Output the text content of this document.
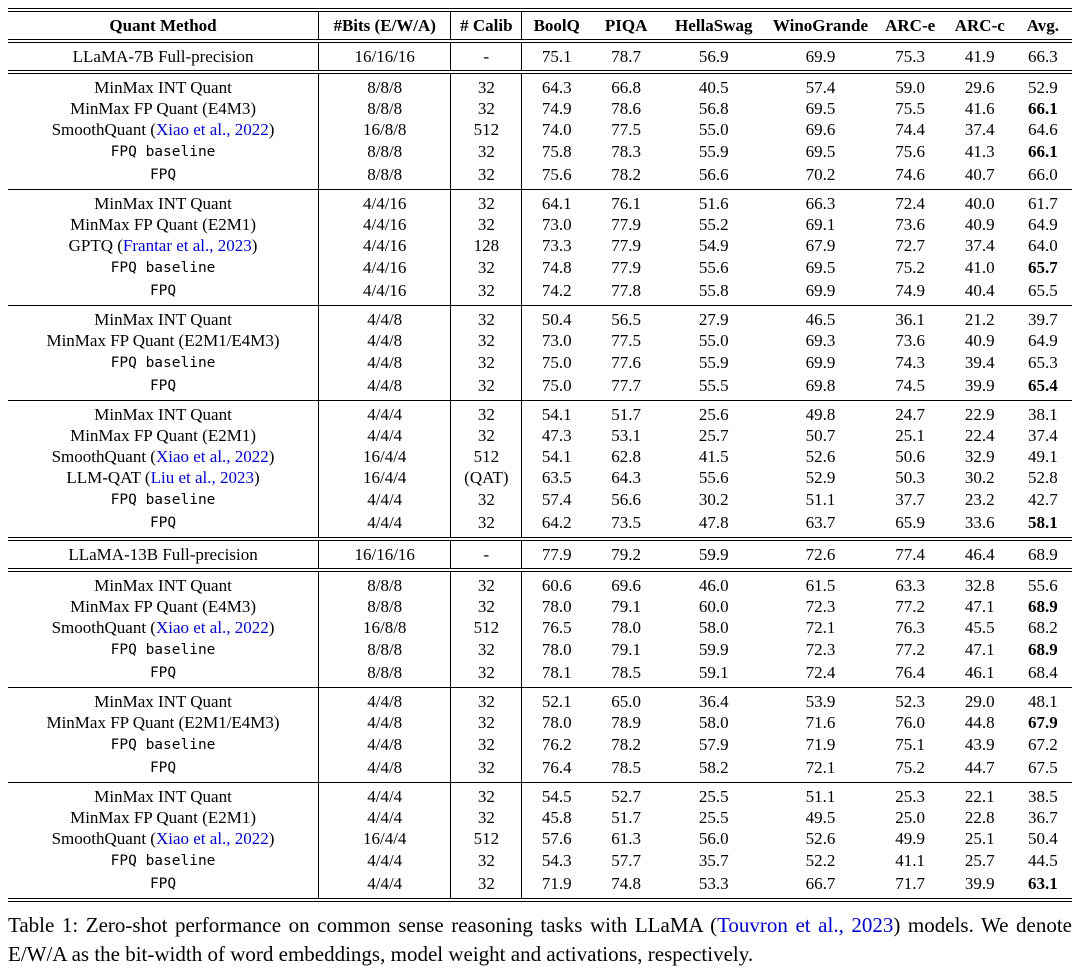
Quant Method	#Bits (E/W/A)	# Calib	BoolQ	PIQA	HellaSwag	WinoGrande	ARC-e	ARC-c	Avg.
LLaMA-7B Full-precision	16/16/16	-	75.1	78.7	56.9	69.9	75.3	41.9	66.3
MinMax INT Quant	8/8/8	32	64.3	66.8	40.5	57.4	59.0	29.6	52.9
MinMax FP Quant (E4M3)	8/8/8	32	74.9	78.6	56.8	69.5	75.5	41.6	66.1
SmoothQuant (Xiao et al., 2022)	16/8/8	512	74.0	77.5	55.0	69.6	74.4	37.4	64.6
FPQ baseline	8/8/8	32	75.8	78.3	55.9	69.5	75.6	41.3	66.1
FPQ	8/8/8	32	75.6	78.2	56.6	70.2	74.6	40.7	66.0
MinMax INT Quant	4/4/16	32	64.1	76.1	51.6	66.3	72.4	40.0	61.7
MinMax FP Quant (E2M1)	4/4/16	32	73.0	77.9	55.2	69.1	73.6	40.9	64.9
GPTQ (Frantar et al., 2023)	4/4/16	128	73.3	77.9	54.9	67.9	72.7	37.4	64.0
FPQ baseline	4/4/16	32	74.8	77.9	55.6	69.5	75.2	41.0	65.7
FPQ	4/4/16	32	74.2	77.8	55.8	69.9	74.9	40.4	65.5
MinMax INT Quant	4/4/8	32	50.4	56.5	27.9	46.5	36.1	21.2	39.7
MinMax FP Quant (E2M1/E4M3)	4/4/8	32	73.0	77.5	55.0	69.3	73.6	40.9	64.9
FPQ baseline	4/4/8	32	75.0	77.6	55.9	69.9	74.3	39.4	65.3
FPQ	4/4/8	32	75.0	77.7	55.5	69.8	74.5	39.9	65.4
MinMax INT Quant	4/4/4	32	54.1	51.7	25.6	49.8	24.7	22.9	38.1
MinMax FP Quant (E2M1)	4/4/4	32	47.3	53.1	25.7	50.7	25.1	22.4	37.4
SmoothQuant (Xiao et al., 2022)	16/4/4	512	54.1	62.8	41.5	52.6	50.6	32.9	49.1
LLM-QAT (Liu et al., 2023)	16/4/4	(QAT)	63.5	64.3	55.6	52.9	50.3	30.2	52.8
FPQ baseline	4/4/4	32	57.4	56.6	30.2	51.1	37.7	23.2	42.7
FPQ	4/4/4	32	64.2	73.5	47.8	63.7	65.9	33.6	58.1
LLaMA-13B Full-precision	16/16/16	-	77.9	79.2	59.9	72.6	77.4	46.4	68.9
MinMax INT Quant	8/8/8	32	60.6	69.6	46.0	61.5	63.3	32.8	55.6
MinMax FP Quant (E4M3)	8/8/8	32	78.0	79.1	60.0	72.3	77.2	47.1	68.9
SmoothQuant (Xiao et al., 2022)	16/8/8	512	76.5	78.0	58.0	72.1	76.3	45.5	68.2
FPQ baseline	8/8/8	32	78.0	79.1	59.9	72.3	77.2	47.1	68.9
FPQ	8/8/8	32	78.1	78.5	59.1	72.4	76.4	46.1	68.4
MinMax INT Quant	4/4/8	32	52.1	65.0	36.4	53.9	52.3	29.0	48.1
MinMax FP Quant (E2M1/E4M3)	4/4/8	32	78.0	78.9	58.0	71.6	76.0	44.8	67.9
FPQ baseline	4/4/8	32	76.2	78.2	57.9	71.9	75.1	43.9	67.2
FPQ	4/4/8	32	76.4	78.5	58.2	72.1	75.2	44.7	67.5
MinMax INT Quant	4/4/4	32	54.5	52.7	25.5	51.1	25.3	22.1	38.5
MinMax FP Quant (E2M1)	4/4/4	32	45.8	51.7	25.5	49.5	25.0	22.8	36.7
SmoothQuant (Xiao et al., 2022)	16/4/4	512	57.6	61.3	56.0	52.6	49.9	25.1	50.4
FPQ baseline	4/4/4	32	54.3	57.7	35.7	52.2	41.1	25.7	44.5
FPQ	4/4/4	32	71.9	74.8	53.3	66.7	71.7	39.9	63.1

Table 1: Zero-shot performance on common sense reasoning tasks with LLaMA (Touvron et al., 2023) models. We denote E/W/A as the bit-width of word embeddings, model weight and activations, respectively.
